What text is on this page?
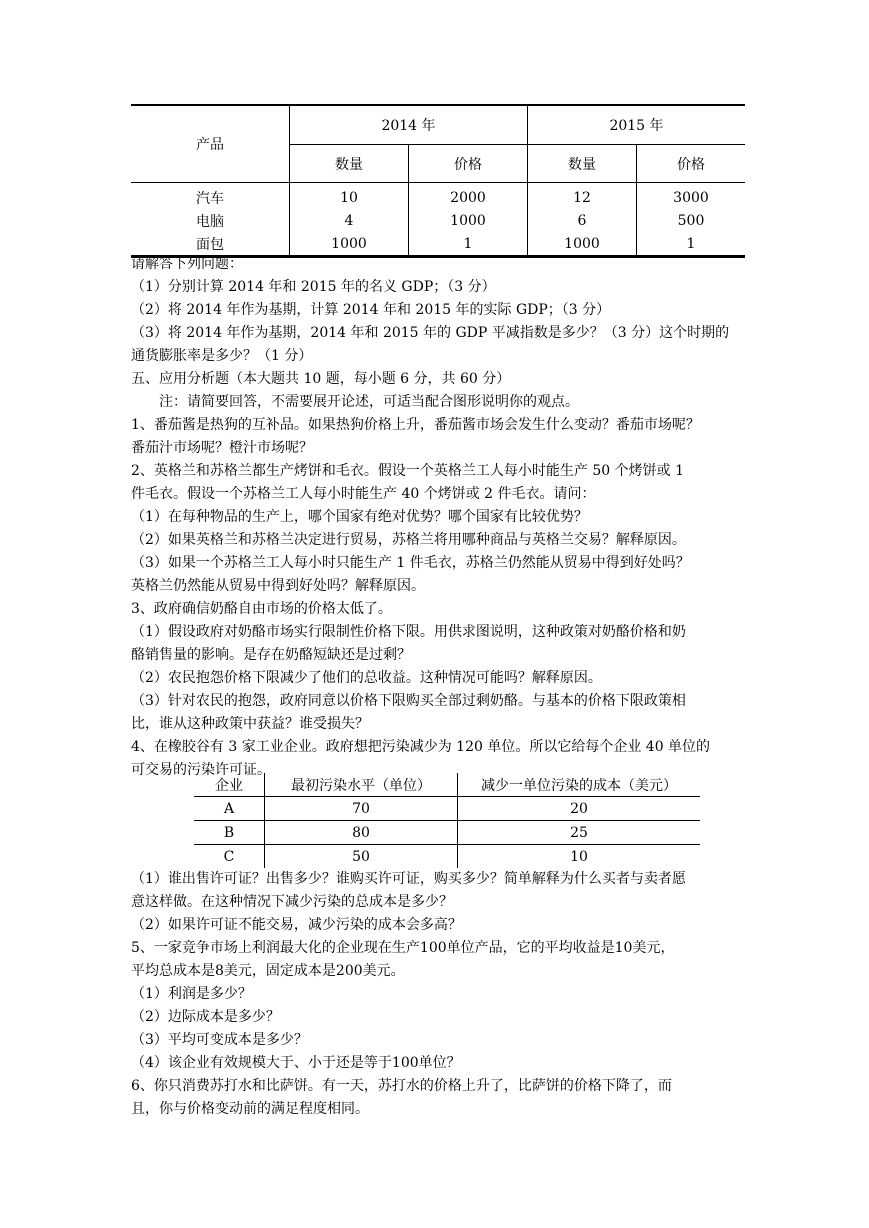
产品	2014 年		2015 年	
	数量	价格	数量	价格
汽车	10	2000	12	3000
电脑	4	1000	6	500
面包	1000	1	1000	1
请解答下列问题：
（1）分别计算 2014 年和 2015 年的名义 GDP；（3 分）
（2）将 2014 年作为基期，计算 2014 年和 2015 年的实际 GDP；（3 分）
（3）将 2014 年作为基期，2014 年和 2015 年的 GDP 平减指数是多少？（3 分）这个时期的
通货膨胀率是多少？（1 分）
五、应用分析题（本大题共 10 题，每小题 6 分，共 60 分）
注：请简要回答，不需要展开论述，可适当配合图形说明你的观点。
1、番茄酱是热狗的互补品。如果热狗价格上升，番茄酱市场会发生什么变动？番茄市场呢？
番茄汁市场呢？橙汁市场呢？
2、英格兰和苏格兰都生产烤饼和毛衣。假设一个英格兰工人每小时能生产 50 个烤饼或 1
件毛衣。假设一个苏格兰工人每小时能生产 40 个烤饼或 2 件毛衣。请问：
（1）在每种物品的生产上，哪个国家有绝对优势？哪个国家有比较优势？
（2）如果英格兰和苏格兰决定进行贸易，苏格兰将用哪种商品与英格兰交易？解释原因。
（3）如果一个苏格兰工人每小时只能生产 1 件毛衣，苏格兰仍然能从贸易中得到好处吗？
英格兰仍然能从贸易中得到好处吗？解释原因。
3、政府确信奶酪自由市场的价格太低了。
（1）假设政府对奶酪市场实行限制性价格下限。用供求图说明，这种政策对奶酪价格和奶
酪销售量的影响。是存在奶酪短缺还是过剩？
（2）农民抱怨价格下限减少了他们的总收益。这种情况可能吗？解释原因。
（3）针对农民的抱怨，政府同意以价格下限购买全部过剩奶酪。与基本的价格下限政策相
比，谁从这种政策中获益？谁受损失？
4、在橡胶谷有 3 家工业企业。政府想把污染减少为 120 单位。所以它给每个企业 40 单位的
可交易的污染许可证。
企业	最初污染水平（单位）	减少一单位污染的成本（美元）
A	70	20
B	80	25
C	50	10
（1）谁出售许可证？出售多少？谁购买许可证，购买多少？简单解释为什么买者与卖者愿
意这样做。在这种情况下减少污染的总成本是多少？
（2）如果许可证不能交易，减少污染的成本会多高？
5、一家竞争市场上利润最大化的企业现在生产100单位产品，它的平均收益是10美元，
平均总成本是8美元，固定成本是200美元。
（1）利润是多少？
（2）边际成本是多少？
（3）平均可变成本是多少？
（4）该企业有效规模大于、小于还是等于100单位？
6、你只消费苏打水和比萨饼。有一天，苏打水的价格上升了，比萨饼的价格下降了，而
且，你与价格变动前的满足程度相同。
